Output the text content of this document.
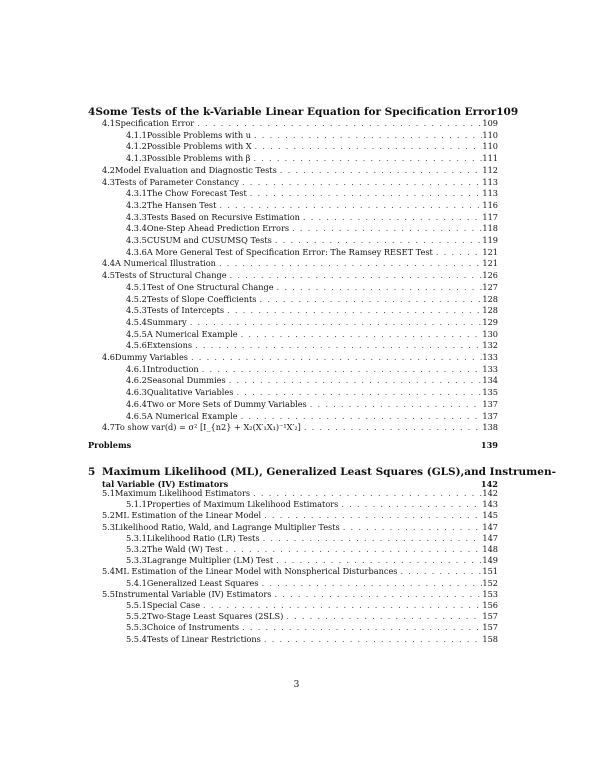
4 Some Tests of the k-Variable Linear Equation for Specification Error 109
4.1 Specification Error . . .	109
4.1.1 Possible Problems with u . . .	110
4.1.2 Possible Problems with X . . .	110
4.1.3 Possible Problems with β . . .	111
4.2 Model Evaluation and Diagnostic Tests . . .	112
4.3 Tests of Parameter Constancy . . .	113
4.3.1 The Chow Forecast Test . . .	113
4.3.2 The Hansen Test . . .	116
4.3.3 Tests Based on Recursive Estimation . . .	117
4.3.4 One-Step Ahead Prediction Errors . . .	118
4.3.5 CUSUM and CUSUMSQ Tests . . .	119
4.3.6 A More General Test of Specification Error: The Ramsey RESET Test . . .	121
4.4 A Numerical Illustration . . .	121
4.5 Tests of Structural Change . . .	126
4.5.1 Test of One Structural Change . . .	127
4.5.2 Tests of Slope Coefficients . . .	128
4.5.3 Tests of Intercepts . . .	128
4.5.4 Summary . . .	129
4.5.5 A Numerical Example . . .	130
4.5.6 Extensions . . .	132
4.6 Dummy Variables . . .	133
4.6.1 Introduction . . .	133
4.6.2 Seasonal Dummies . . .	134
4.6.3 Qualitative Variables . . .	135
4.6.4 Two or More Sets of Dummy Variables . . .	137
4.6.5 A Numerical Example . . .	137
4.7 To show var(d) = σ² [I_{n2} + X₂(X′₁X₁)⁻¹X′₂] . . .	138
Problems	139
5 Maximum Likelihood (ML), Generalized Least Squares (GLS),and Instrumen-
tal Variable (IV) Estimators	142
5.1 Maximum Likelihood Estimators . . .	142
5.1.1 Properties of Maximum Likelihood Estimators . . .	143
5.2 ML Estimation of the Linear Model . . .	145
5.3 Likelihood Ratio, Wald, and Lagrange Multiplier Tests . . .	147
5.3.1 Likelihood Ratio (LR) Tests . . .	147
5.3.2 The Wald (W) Test . . .	148
5.3.3 Lagrange Multiplier (LM) Test . . .	149
5.4 ML Estimation of the Linear Model with Nonspherical Disturbances . . .	151
5.4.1 Generalized Least Squares . . .	152
5.5 Instrumental Variable (IV) Estimators . . .	153
5.5.1 Special Case . . .	156
5.5.2 Two-Stage Least Squares (2SLS) . . .	157
5.5.3 Choice of Instruments . . .	157
5.5.4 Tests of Linear Restrictions . . .	158
3
